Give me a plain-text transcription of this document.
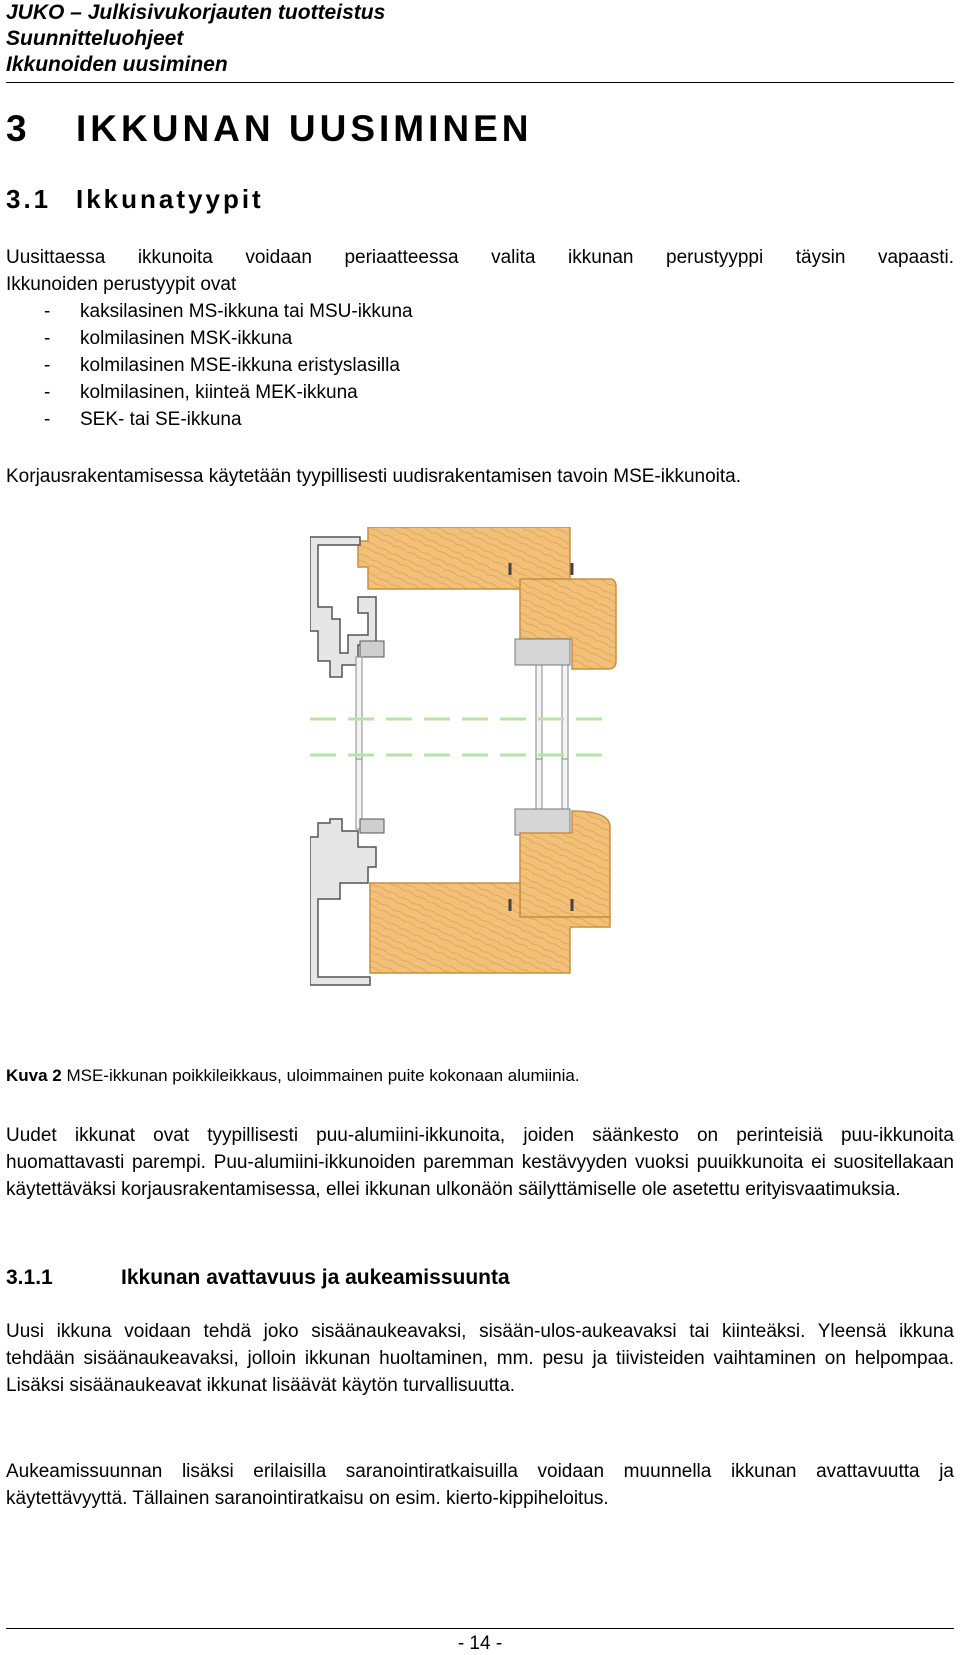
JUKO – Julkisivukorjauten tuotteistus
Suunnitteluohjeet
Ikkunoiden uusiminen
3 IKKUNAN UUSIMINEN
3.1 Ikkunatyypit
Uusittaessa ikkunoita voidaan periaatteessa valita ikkunan perustyyppi täysin vapaasti.
Ikkunoiden perustyypit ovat
- kaksilasinen MS-ikkuna tai MSU-ikkuna
- kolmilasinen MSK-ikkuna
- kolmilasinen MSE-ikkuna eristyslasilla
- kolmilasinen, kiinteä MEK-ikkuna
- SEK- tai SE-ikkuna
Korjausrakentamisessa käytetään tyypillisesti uudisrakentamisen tavoin MSE-ikkunoita.
Kuva 2 MSE-ikkunan poikkileikkaus, uloimmainen puite kokonaan alumiinia.
Uudet ikkunat ovat tyypillisesti puu-alumiini-ikkunoita, joiden säänkesto on perinteisiä puu-ikkunoita huomattavasti parempi. Puu-alumiini-ikkunoiden paremman kestävyyden vuoksi puuikkunoita ei suositellakaan käytettäväksi korjausrakentamisessa, ellei ikkunan ulkonäön säilyttämiselle ole asetettu erityisvaatimuksia.
3.1.1	Ikkunan avattavuus ja aukeamissuunta
Uusi ikkuna voidaan tehdä joko sisäänaukeavaksi, sisään-ulos-aukeavaksi tai kiinteäksi. Yleensä ikkuna tehdään sisäänaukeavaksi, jolloin ikkunan huoltaminen, mm. pesu ja tiivisteiden vaihtaminen on helpompaa. Lisäksi sisäänaukeavat ikkunat lisäävät käytön turvallisuutta.
Aukeamissuunnan lisäksi erilaisilla saranointiratkaisuilla voidaan muunnella ikkunan avattavuutta ja käytettävyyttä. Tällainen saranointiratkaisu on esim. kierto-kippiheloitus.
- 14 -
